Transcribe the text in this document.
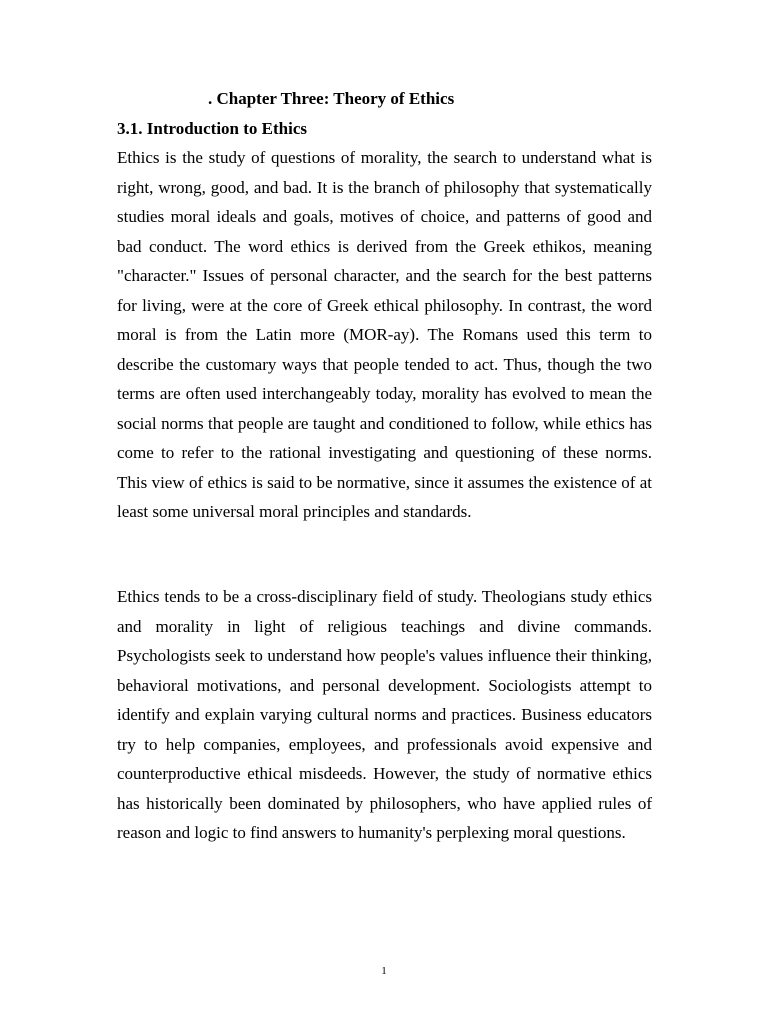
. Chapter Three: Theory of Ethics
3.1. Introduction to Ethics

Ethics is the study of questions of morality, the search to understand what is right, wrong, good, and bad. It is the branch of philosophy that systematically studies moral ideals and goals, motives of choice, and patterns of good and bad conduct. The word ethics is derived from the Greek ethikos, meaning "character." Issues of personal character, and the search for the best patterns for living, were at the core of Greek ethical philosophy. In contrast, the word moral is from the Latin more (MOR-ay). The Romans used this term to describe the customary ways that people tended to act. Thus, though the two terms are often used interchangeably today, morality has evolved to mean the social norms that people are taught and conditioned to follow, while ethics has come to refer to the rational investigating and questioning of these norms. This view of ethics is said to be normative, since it assumes the existence of at least some universal moral principles and standards.

Ethics tends to be a cross-disciplinary field of study. Theologians study ethics and morality in light of religious teachings and divine commands. Psychologists seek to understand how people's values influence their thinking, behavioral motivations, and personal development. Sociologists attempt to identify and explain varying cultural norms and practices. Business educators try to help companies, employees, and professionals avoid expensive and counterproductive ethical misdeeds. However, the study of normative ethics has historically been dominated by philosophers, who have applied rules of reason and logic to find answers to humanity's perplexing moral questions.

1
